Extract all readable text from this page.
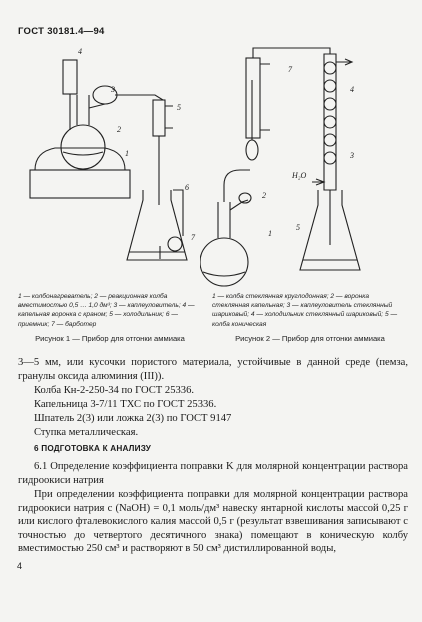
ГОСТ 30181.4—94
4
3
2
1
5
6
7
7
4
3
H₂O
5
2
1
1 — колбонагреватель; 2 — реакционная колба вместимостью 0,5 … 1,0 дм³; 3 — каплеуловитель; 4 — капельная воронка с краном; 5 — холодильник; 6 — приемник; 7 — барботер
Рисунок 1 — Прибор для отгонки аммиака
1 — колба стеклянная круглодонная; 2 — воронка стеклянная капельная; 3 — каплеуловитель стеклянный шариковый; 4 — холодильник стеклянный шариковый; 5 — колба коническая
Рисунок 2 — Прибор для отгонки аммиака
3—5 мм, или кусочки пористого материала, устойчивые в данной среде (пемза, гранулы оксида алюминия (III)).
Колба Кн-2-250-34 по ГОСТ 25336.
Капельница 3-7/11 ТХС по ГОСТ 25336.
Шпатель 2(3) или ложка 2(3) по ГОСТ 9147
Ступка металлическая.
6 ПОДГОТОВКА К АНАЛИЗУ
6.1 Определение коэффициента поправки K для молярной концентрации раствора гидроокиси натрия
При определении коэффициента поправки для молярной концентрации раствора гидроокиси натрия c (NaOH) = 0,1 моль/дм³ навеску янтарной кислоты массой 0,25 г или кислого фталевокислого калия массой 0,5 г (результат взвешивания записывают с точностью до четвертого десятичного знака) помещают в коническую колбу вместимостью 250 см³ и растворяют в 50 см³ дистиллированной воды,
4
